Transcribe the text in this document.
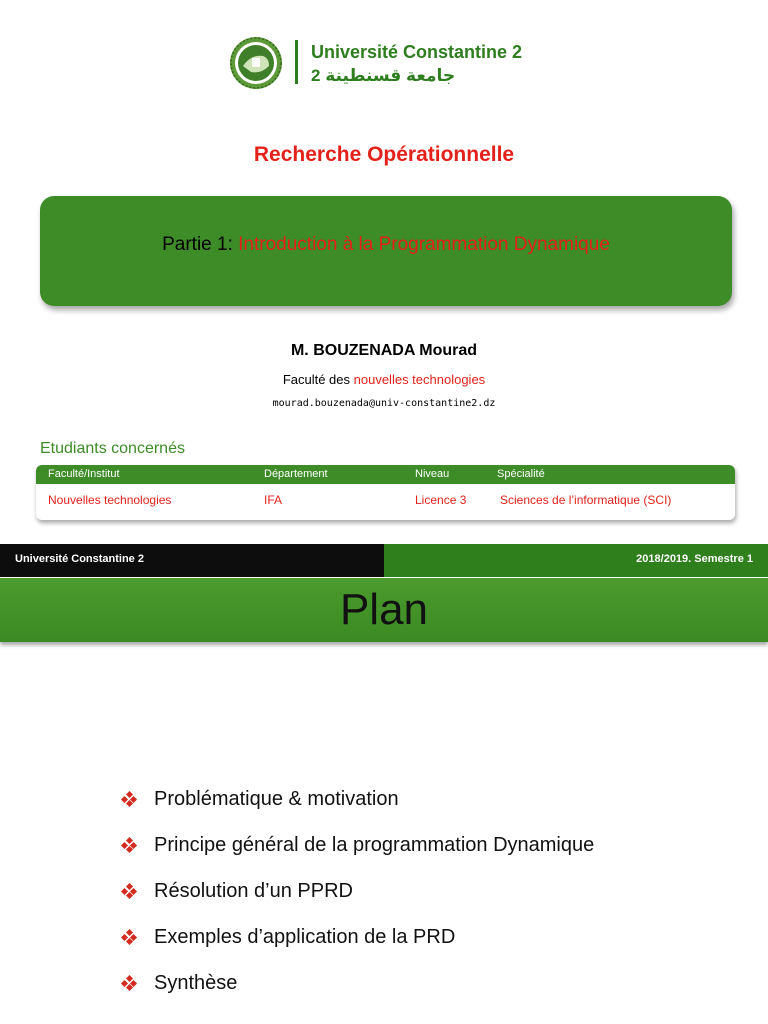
Université Constantine 2
جامعة قسنطينة 2
Recherche Opérationnelle
Partie 1: Introduction à la Programmation Dynamique
M. BOUZENADA Mourad
Faculté des nouvelles technologies
mourad.bouzenada@univ-constantine2.dz
Etudiants concernés
Faculté/Institut	Département	Niveau	Spécialité
Nouvelles technologies	IFA	Licence 3	Sciences de l’informatique (SCI)
Université Constantine 2	2018/2019. Semestre 1
Plan
Problématique & motivation
Principe général de la programmation Dynamique
Résolution d’un PPRD
Exemples d’application de la PRD
Synthèse
